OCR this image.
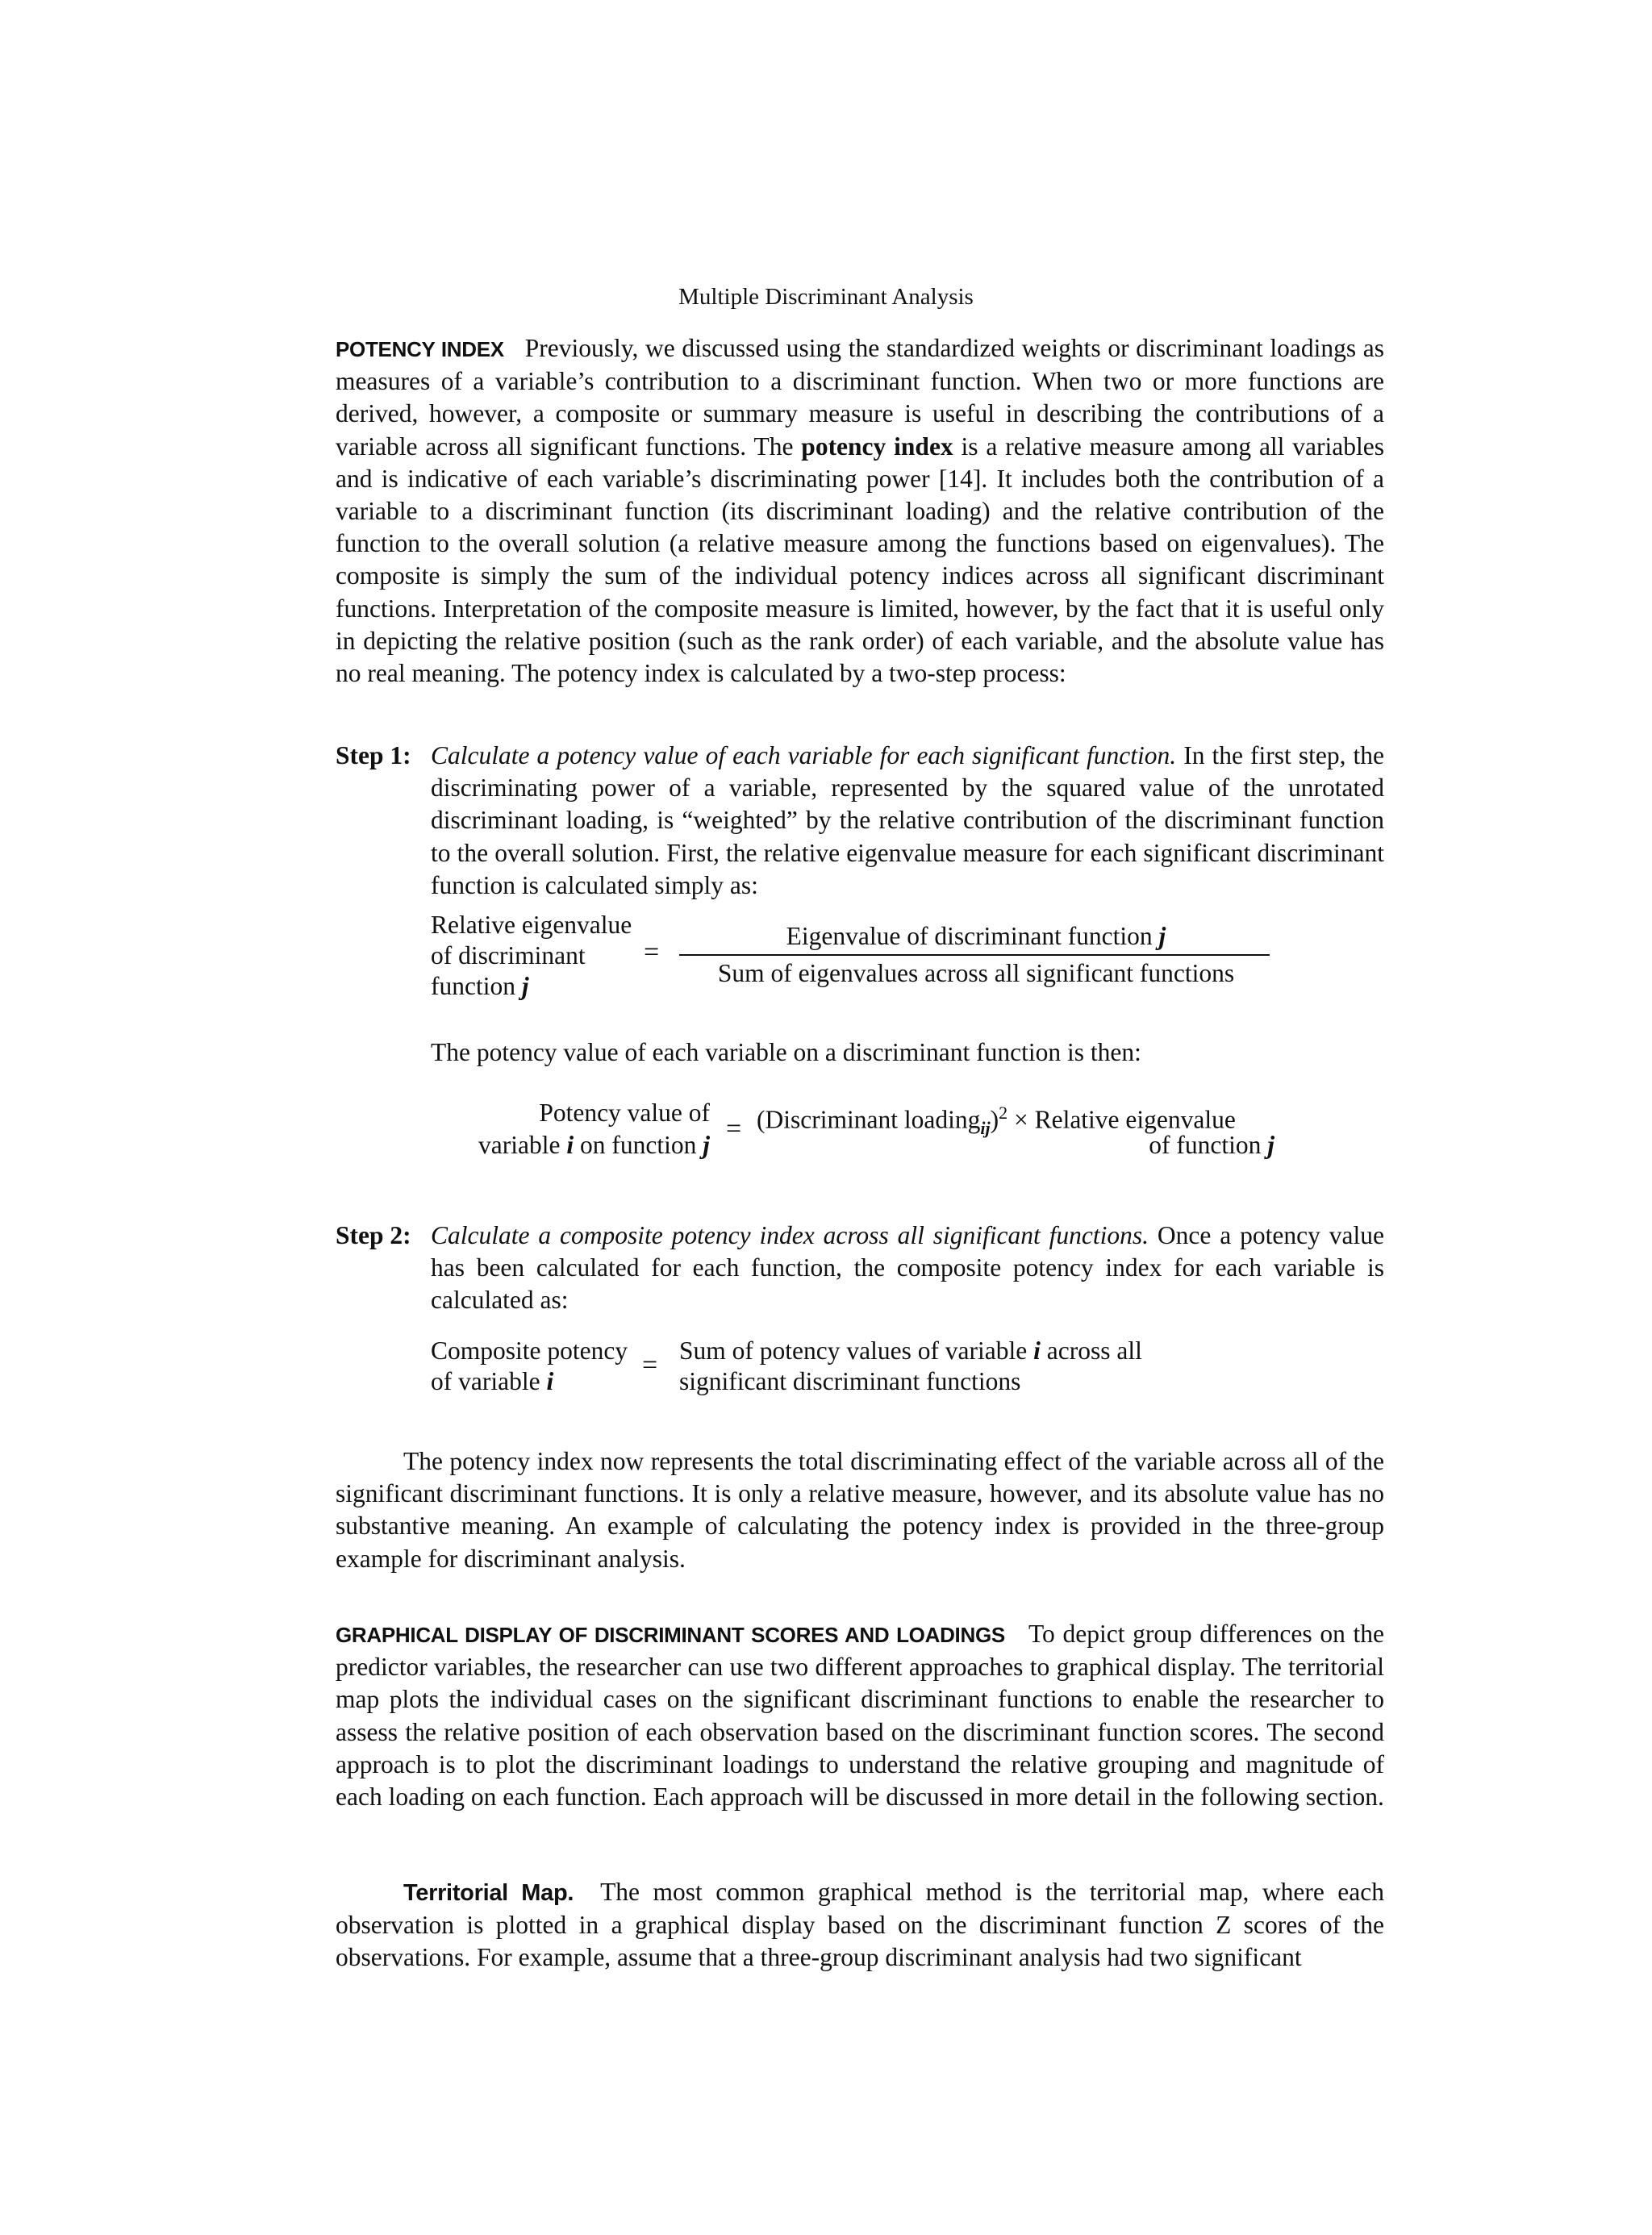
Multiple Discriminant Analysis
POTENCY INDEX Previously, we discussed using the standardized weights or discriminant loadings as measures of a variable’s contribution to a discriminant function. When two or more functions are derived, however, a composite or summary measure is useful in describing the contributions of a variable across all significant functions. The potency index is a relative measure among all variables and is indicative of each variable’s discriminating power [14]. It includes both the contribution of a variable to a discriminant function (its discriminant loading) and the relative contribution of the function to the overall solution (a relative measure among the functions based on eigenvalues). The composite is simply the sum of the individual potency indices across all significant discriminant functions. Interpretation of the composite measure is limited, however, by the fact that it is useful only in depicting the relative position (such as the rank order) of each variable, and the absolute value has no real meaning. The potency index is calculated by a two-step process:
Step 1: Calculate a potency value of each variable for each significant function. In the first step, the discriminating power of a variable, represented by the squared value of the unrotated discriminant loading, is “weighted” by the relative contribution of the discriminant function to the overall solution. First, the relative eigenvalue measure for each significant discriminant function is calculated simply as:
Relative eigenvalue
of discriminant
function j
=
Eigenvalue of discriminant function j
Sum of eigenvalues across all significant functions
The potency value of each variable on a discriminant function is then:
Potency value of
variable i on function j
= (Discriminant loading$_{ij}$)$^2$ × Relative eigenvalue
of function j
Step 2: Calculate a composite potency index across all significant functions. Once a potency value has been calculated for each function, the composite potency index for each variable is calculated as:
Composite potency
of variable i
= Sum of potency values of variable i across all
significant discriminant functions
The potency index now represents the total discriminating effect of the variable across all of the significant discriminant functions. It is only a relative measure, however, and its absolute value has no substantive meaning. An example of calculating the potency index is provided in the three-group example for discriminant analysis.
GRAPHICAL DISPLAY OF DISCRIMINANT SCORES AND LOADINGS To depict group differences on the predictor variables, the researcher can use two different approaches to graphical display. The territorial map plots the individual cases on the significant discriminant functions to enable the researcher to assess the relative position of each observation based on the discriminant function scores. The second approach is to plot the discriminant loadings to understand the relative grouping and magnitude of each loading on each function. Each approach will be discussed in more detail in the following section.
Territorial Map. The most common graphical method is the territorial map, where each observation is plotted in a graphical display based on the discriminant function Z scores of the observations. For example, assume that a three-group discriminant analysis had two significant
